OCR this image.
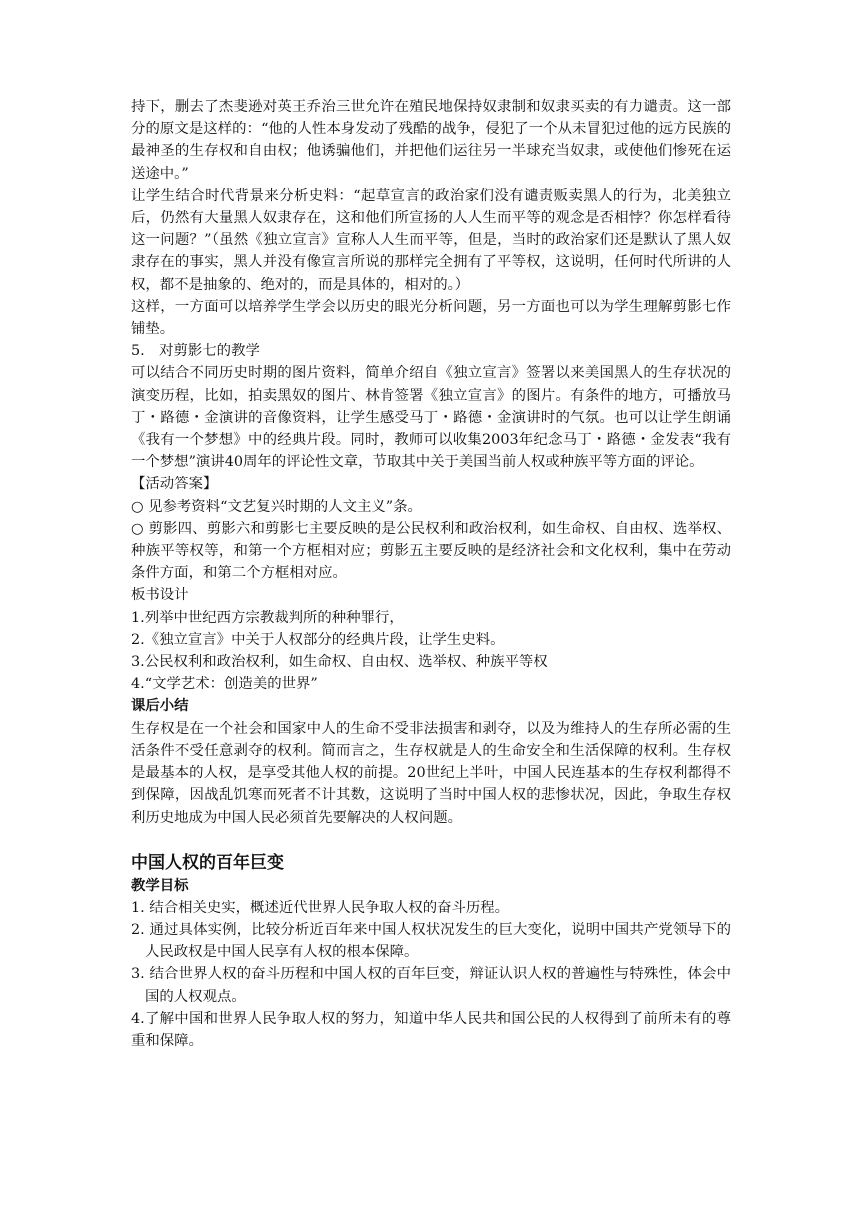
持下，删去了杰斐逊对英王乔治三世允许在殖民地保持奴隶制和奴隶买卖的有力谴责。这一部分的原文是这样的：“他的人性本身发动了残酷的战争，侵犯了一个从未冒犯过他的远方民族的最神圣的生存权和自由权；他诱骗他们，并把他们运往另一半球充当奴隶，或使他们惨死在运送途中。”

让学生结合时代背景来分析史料：“起草宣言的政治家们没有谴责贩卖黑人的行为，北美独立后，仍然有大量黑人奴隶存在，这和他们所宣扬的人人生而平等的观念是否相悖？你怎样看待这一问题？”（虽然《独立宣言》宣称人人生而平等，但是，当时的政治家们还是默认了黑人奴隶存在的事实，黑人并没有像宣言所说的那样完全拥有了平等权，这说明，任何时代所讲的人权，都不是抽象的、绝对的，而是具体的，相对的。）

这样，一方面可以培养学生学会以历史的眼光分析问题，另一方面也可以为学生理解剪影七作铺垫。

5.　对剪影七的教学

可以结合不同历史时期的图片资料，简单介绍自《独立宣言》签署以来美国黑人的生存状况的演变历程，比如，拍卖黑奴的图片、林肯签署《独立宣言》的图片。有条件的地方，可播放马丁・路德・金演讲的音像资料，让学生感受马丁・路德・金演讲时的气氛。也可以让学生朗诵《我有一个梦想》中的经典片段。同时，教师可以收集2003年纪念马丁・路德・金发表“我有一个梦想”演讲40周年的评论性文章，节取其中关于美国当前人权或种族平等方面的评论。

【活动答案】

○ 见参考资料“文艺复兴时期的人文主义”条。

○ 剪影四、剪影六和剪影七主要反映的是公民权利和政治权利，如生命权、自由权、选举权、种族平等权等，和第一个方框相对应；剪影五主要反映的是经济社会和文化权利，集中在劳动条件方面，和第二个方框相对应。

板书设计

1.列举中世纪西方宗教裁判所的种种罪行，

2.《独立宣言》中关于人权部分的经典片段，让学生史料。

3.公民权利和政治权利，如生命权、自由权、选举权、种族平等权

4.“文学艺术：创造美的世界”

课后小结

生存权是在一个社会和国家中人的生命不受非法损害和剥夺，以及为维持人的生存所必需的生活条件不受任意剥夺的权利。简而言之，生存权就是人的生命安全和生活保障的权利。生存权是最基本的人权，是享受其他人权的前提。20世纪上半叶，中国人民连基本的生存权利都得不到保障，因战乱饥寒而死者不计其数，这说明了当时中国人权的悲惨状况，因此，争取生存权利历史地成为中国人民必须首先要解决的人权问题。

中国人权的百年巨变

教学目标

1. 结合相关史实，概述近代世界人民争取人权的奋斗历程。

2. 通过具体实例，比较分析近百年来中国人权状况发生的巨大变化，说明中国共产党领导下的人民政权是中国人民享有人权的根本保障。

3. 结合世界人权的奋斗历程和中国人权的百年巨变，辩证认识人权的普遍性与特殊性，体会中国的人权观点。

4.了解中国和世界人民争取人权的努力，知道中华人民共和国公民的人权得到了前所未有的尊重和保障。
